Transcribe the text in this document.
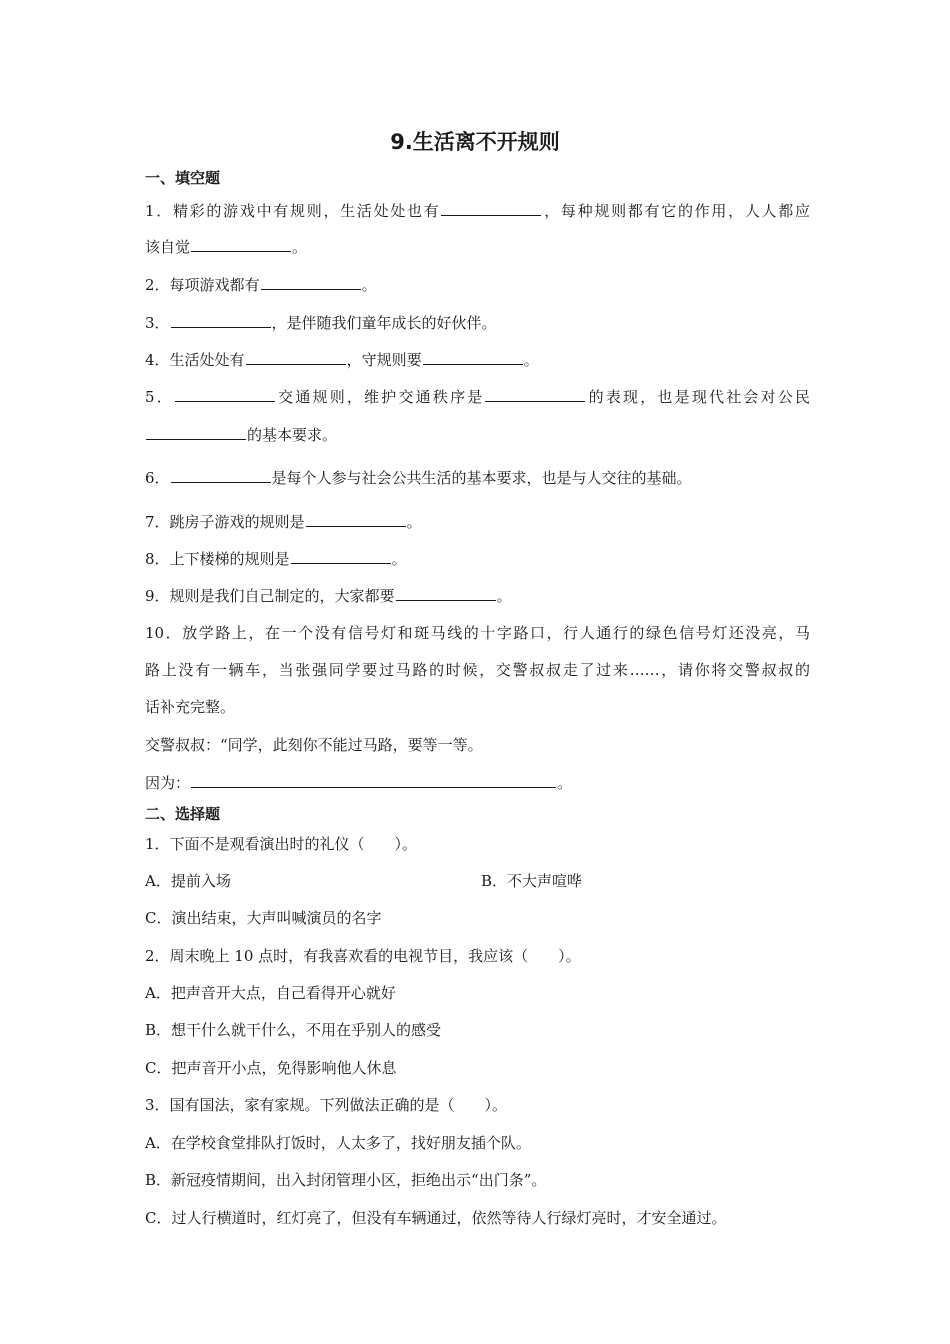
9.生活离不开规则
一、填空题
1．精彩的游戏中有规则，生活处处也有	，每种规则都有它的作用，人人都应
该自觉	。
2．每项游戏都有	。
3．	，是伴随我们童年成长的好伙伴。
4．生活处处有	，守规则要	。
5．	交通规则，维护交通秩序是	的表现，也是现代社会对公民
的基本要求。
6．	是每个人参与社会公共生活的基本要求，也是与人交往的基础。
7．跳房子游戏的规则是	。
8．上下楼梯的规则是	。
9．规则是我们自己制定的，大家都要	。
10．放学路上，在一个没有信号灯和斑马线的十字路口，行人通行的绿色信号灯还没亮，马
路上没有一辆车，当张强同学要过马路的时候，交警叔叔走了过来……，请你将交警叔叔的
话补充完整。
交警叔叔：“同学，此刻你不能过马路，要等一等。
因为：	。
二、选择题
1．下面不是观看演出时的礼仪（　　）。
A．提前入场	B．不大声喧哗
C．演出结束，大声叫喊演员的名字
2．周末晚上 10 点时，有我喜欢看的电视节目，我应该（　　）。
A．把声音开大点，自己看得开心就好
B．想干什么就干什么，不用在乎别人的感受
C．把声音开小点，免得影响他人休息
3．国有国法，家有家规。下列做法正确的是（　　）。
A．在学校食堂排队打饭时，人太多了，找好朋友插个队。
B．新冠疫情期间，出入封闭管理小区，拒绝出示“出门条”。
C．过人行横道时，红灯亮了，但没有车辆通过，依然等待人行绿灯亮时，才安全通过。
